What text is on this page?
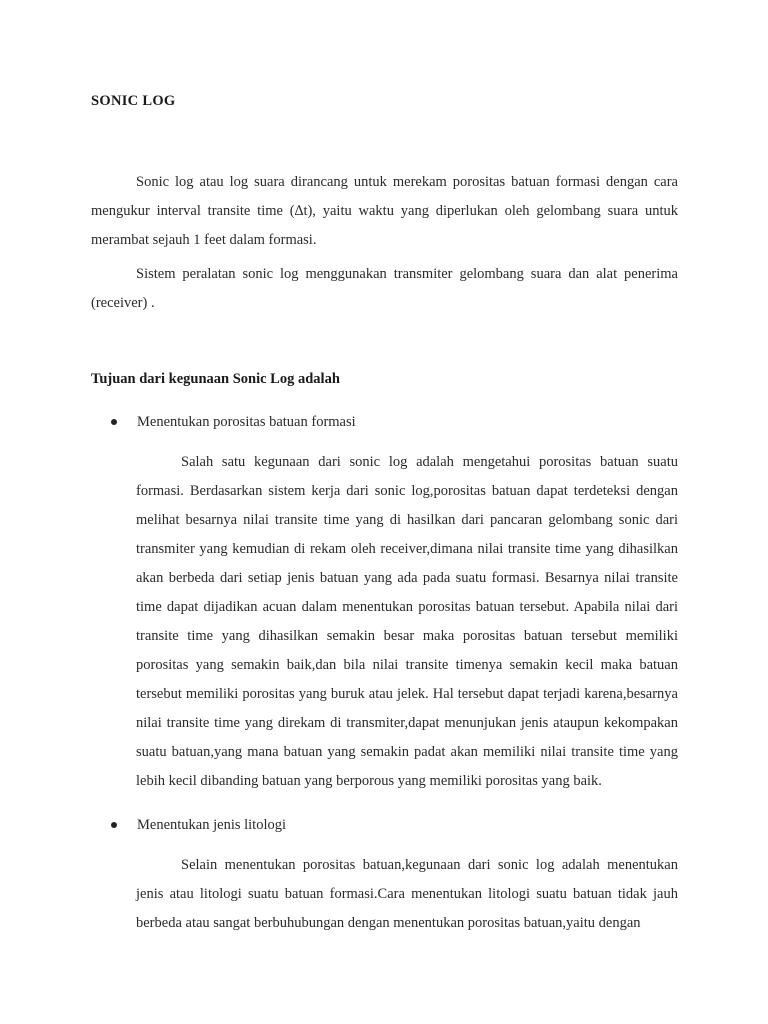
SONIC LOG

Sonic log atau log suara dirancang untuk merekam porositas batuan formasi dengan cara mengukur interval transite time (∆t), yaitu waktu yang diperlukan oleh gelombang suara untuk merambat sejauh 1 feet dalam formasi.

Sistem peralatan sonic log menggunakan transmiter gelombang suara dan alat penerima (receiver) .

Tujuan dari kegunaan Sonic Log adalah
Menentukan porositas batuan formasi

Salah satu kegunaan dari sonic log adalah mengetahui porositas batuan suatu formasi. Berdasarkan sistem kerja dari sonic log,porositas batuan dapat terdeteksi dengan melihat besarnya nilai transite time yang di hasilkan dari pancaran gelombang sonic dari transmiter yang kemudian di rekam oleh receiver,dimana nilai transite time yang dihasilkan akan berbeda dari setiap jenis batuan yang ada pada suatu formasi. Besarnya nilai transite time dapat dijadikan acuan dalam menentukan porositas batuan tersebut. Apabila nilai dari transite time yang dihasilkan semakin besar maka porositas batuan tersebut memiliki porositas yang semakin baik,dan bila nilai transite timenya semakin kecil maka batuan tersebut memiliki porositas yang buruk atau jelek. Hal tersebut dapat terjadi karena,besarnya nilai transite time yang direkam di transmiter,dapat menunjukan jenis ataupun kekompakan suatu batuan,yang mana batuan yang semakin padat akan memiliki nilai transite time yang lebih kecil dibanding batuan yang berporous yang memiliki porositas yang baik.

Menentukan jenis litologi

Selain menentukan porositas batuan,kegunaan dari sonic log adalah menentukan jenis atau litologi suatu batuan formasi.Cara menentukan litologi suatu batuan tidak jauh berbeda atau sangat berbuhubungan dengan menentukan porositas batuan,yaitu dengan
